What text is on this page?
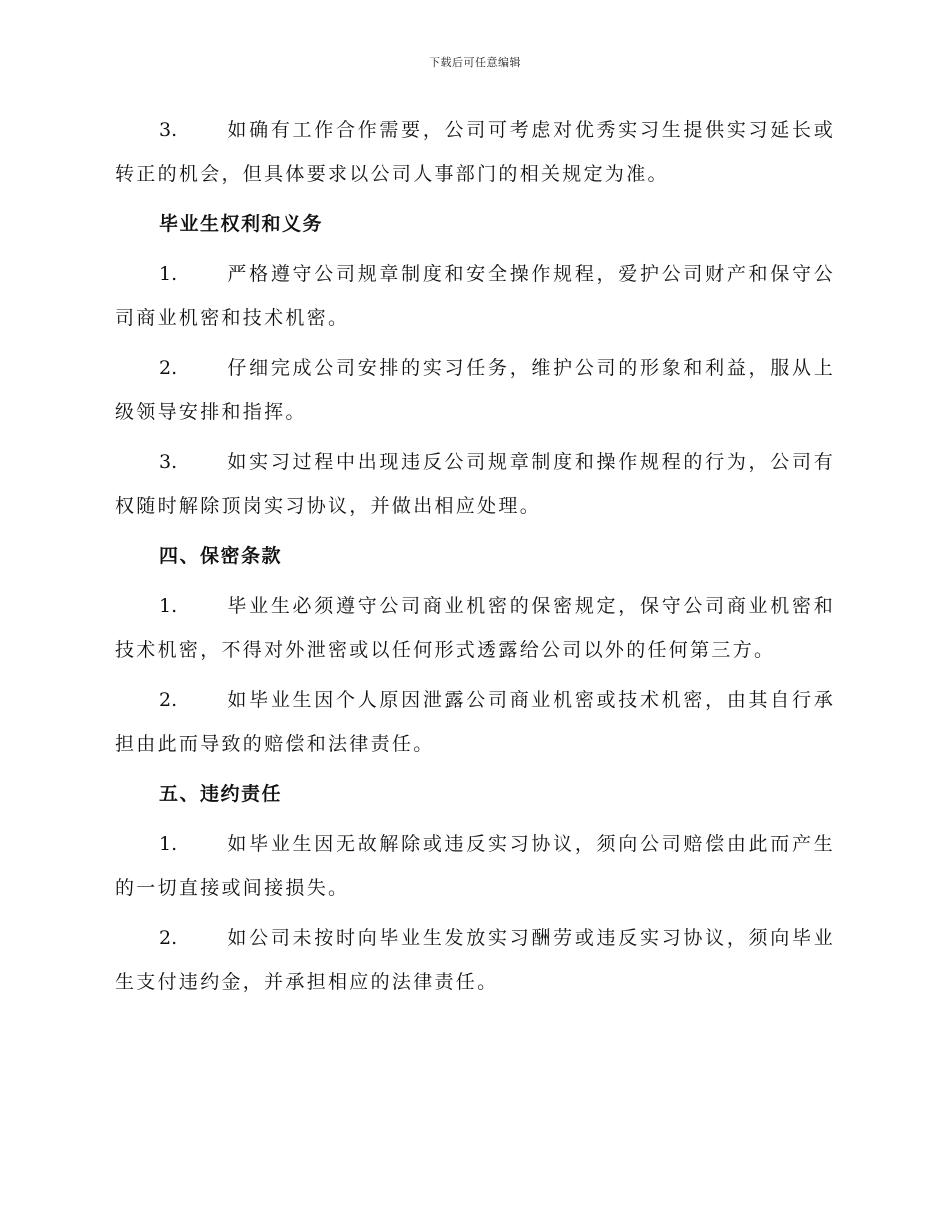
下载后可任意编辑

3.	如确有工作合作需要，公司可考虑对优秀实习生提供实习延长或转正的机会，但具体要求以公司人事部门的相关规定为准。

毕业生权利和义务

1.	严格遵守公司规章制度和安全操作规程，爱护公司财产和保守公司商业机密和技术机密。

2.	仔细完成公司安排的实习任务，维护公司的形象和利益，服从上级领导安排和指挥。

3.	如实习过程中出现违反公司规章制度和操作规程的行为，公司有权随时解除顶岗实习协议，并做出相应处理。

四、保密条款

1.	毕业生必须遵守公司商业机密的保密规定，保守公司商业机密和技术机密，不得对外泄密或以任何形式透露给公司以外的任何第三方。

2.	如毕业生因个人原因泄露公司商业机密或技术机密，由其自行承担由此而导致的赔偿和法律责任。

五、违约责任

1.	如毕业生因无故解除或违反实习协议，须向公司赔偿由此而产生的一切直接或间接损失。

2.	如公司未按时向毕业生发放实习酬劳或违反实习协议，须向毕业生支付违约金，并承担相应的法律责任。
